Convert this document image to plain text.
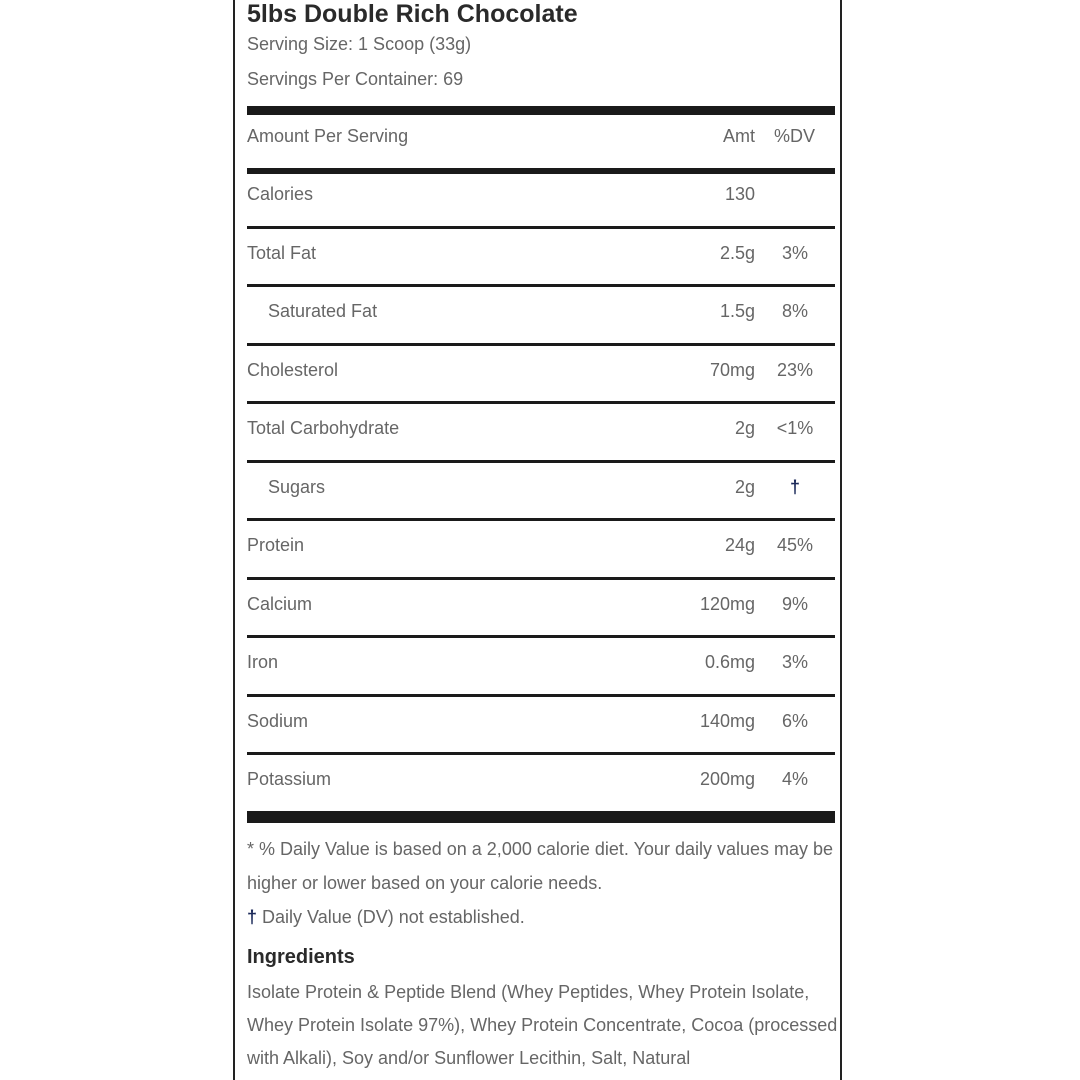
5lbs Double Rich Chocolate
Serving Size: 1 Scoop (33g)
Servings Per Container: 69
Amount Per Serving	Amt %DV
Calories	130
Total Fat	2.5g	3%
Saturated Fat	1.5g	8%
Cholesterol	70mg 23%
Total Carbohydrate	2g <1%
Sugars	2g	†
Protein	24g 45%
Calcium	120mg	9%
Iron	0.6mg	3%
Sodium	140mg	6%
Potassium	200mg	4%
* % Daily Value is based on a 2,000 calorie diet. Your daily values may be higher or lower based on your calorie needs.
† Daily Value (DV) not established.
Ingredients
Isolate Protein & Peptide Blend (Whey Peptides, Whey Protein Isolate, Whey Protein Isolate 97%), Whey Protein Concentrate, Cocoa (processed with Alkali), Soy and/or Sunflower Lecithin, Salt, Natural
